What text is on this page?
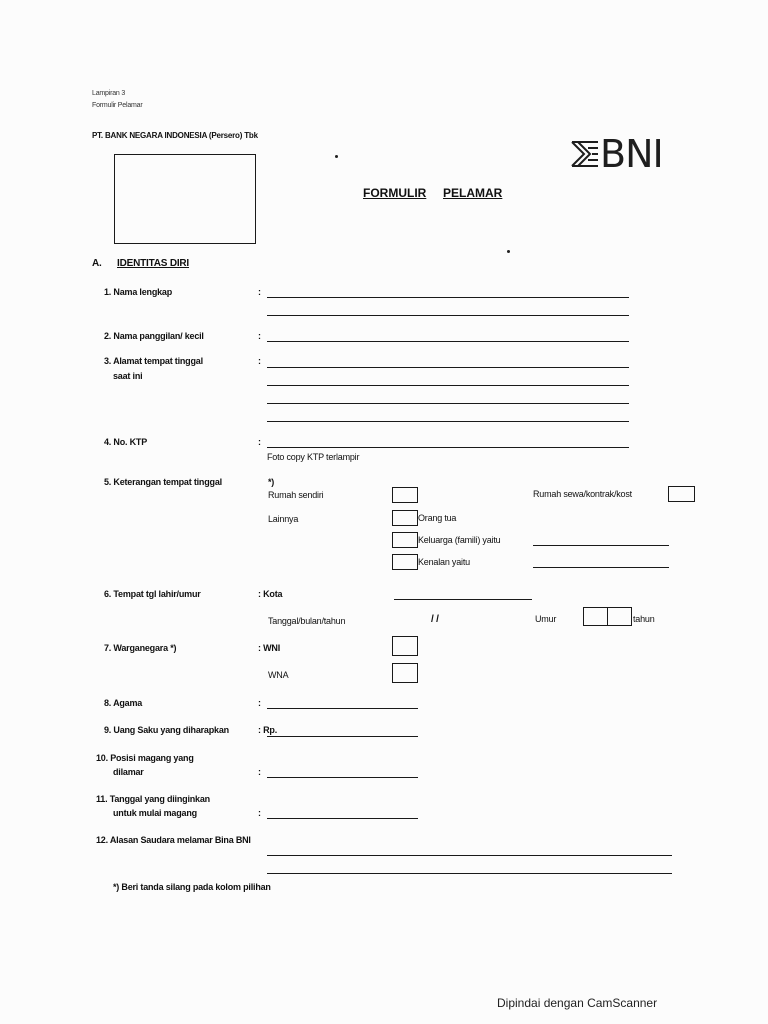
Lampiran 3
Formulir Pelamar
PT. BANK NEGARA INDONESIA (Persero) Tbk	BNI
FORMULIR PELAMAR
A. IDENTITAS DIRI
1. Nama lengkap	:
2. Nama panggilan/ kecil	:
3. Alamat tempat tinggal
saat ini
:
4. No. KTP	:
Foto copy KTP terlampir
5. Keterangan tempat tinggal	*)
Rumah sendiri	Rumah sewa/kontrak/kost
Lainnya	Orang tua
Keluarga (famili) yaitu
Kenalan yaitu
6. Tempat tgl lahir/umur	: Kota
Tanggal/bulan/tahun	/ /	Umur	tahun
7. Warganegara *)	: WNI
WNA
8. Agama	:
9. Uang Saku yang diharapkan	: Rp.
10. Posisi magang yang
dilamar	:
11. Tanggal yang diinginkan
untuk mulai magang	:
12. Alasan Saudara melamar Bina BNI
*) Beri tanda silang pada kolom pilihan
Dipindai dengan CamScanner
